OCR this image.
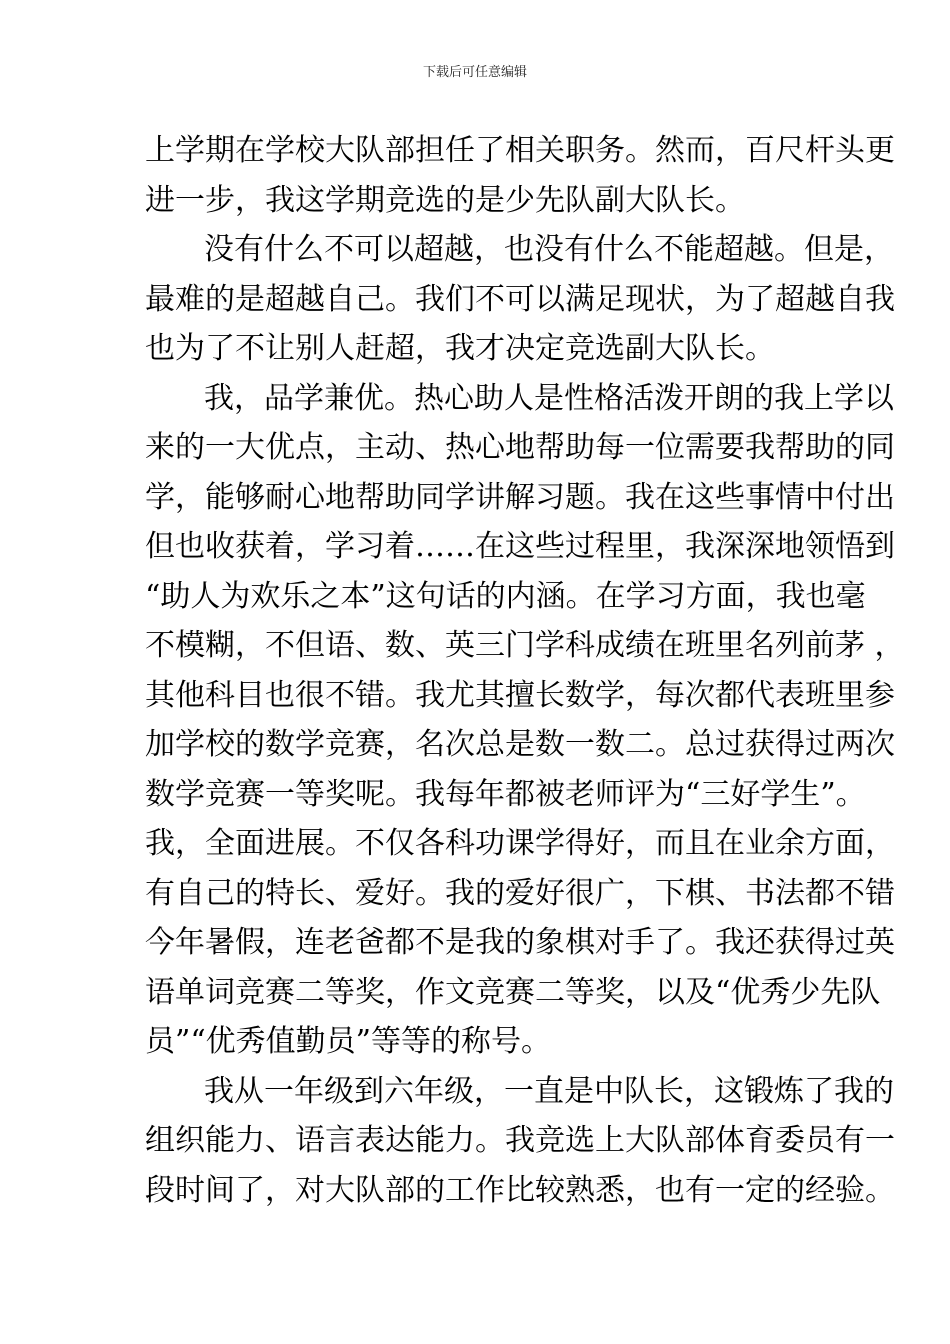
下载后可任意编辑
上学期在学校大队部担任了相关职务。然而，百尺杆头更
进一步，我这学期竞选的是少先队副大队长。
没有什么不可以超越，也没有什么不能超越。但是，
最难的是超越自己。我们不可以满足现状，为了超越自我
也为了不让别人赶超，我才决定竞选副大队长。
我，品学兼优。热心助人是性格活泼开朗的我上学以
来的一大优点，主动、热心地帮助每一位需要我帮助的同
学，能够耐心地帮助同学讲解习题。我在这些事情中付出
但也收获着，学习着……在这些过程里，我深深地领悟到
“助人为欢乐之本”这句话的内涵。在学习方面，我也毫
不模糊，不但语、数、英三门学科成绩在班里名列前茅 ，
其他科目也很不错。我尤其擅长数学，每次都代表班里参
加学校的数学竞赛，名次总是数一数二。总过获得过两次
数学竞赛一等奖呢。我每年都被老师评为“三好学生”。
我，全面进展。不仅各科功课学得好，而且在业余方面，
有自己的特长、爱好。我的爱好很广，下棋、书法都不错
今年暑假，连老爸都不是我的象棋对手了。我还获得过英
语单词竞赛二等奖，作文竞赛二等奖，以及“优秀少先队
员”“优秀值勤员”等等的称号。
我从一年级到六年级，一直是中队长，这锻炼了我的
组织能力、语言表达能力。我竞选上大队部体育委员有一
段时间了，对大队部的工作比较熟悉，也有一定的经验。
